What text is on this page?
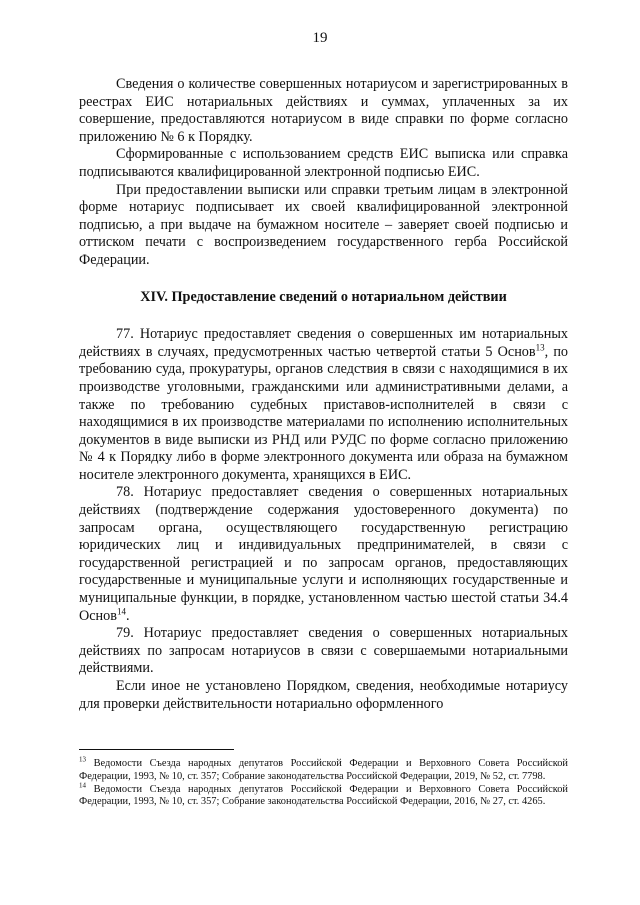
19

Сведения о количестве совершенных нотариусом и зарегистрированных в реестрах ЕИС нотариальных действиях и суммах, уплаченных за их совершение, предоставляются нотариусом в виде справки по форме согласно приложению № 6 к Порядку.

Сформированные с использованием средств ЕИС выписка или справка подписываются квалифицированной электронной подписью ЕИС.

При предоставлении выписки или справки третьим лицам в электронной форме нотариус подписывает их своей квалифицированной электронной подписью, а при выдаче на бумажном носителе – заверяет своей подписью и оттиском печати с воспроизведением государственного герба Российской Федерации.

XIV. Предоставление сведений о нотариальном действии

77. Нотариус предоставляет сведения о совершенных им нотариальных действиях в случаях, предусмотренных частью четвертой статьи 5 Основ$^{13}$, по требованию суда, прокуратуры, органов следствия в связи с находящимися в их производстве уголовными, гражданскими или административными делами, а также по требованию судебных приставов-исполнителей в связи с находящимися в их производстве материалами по исполнению исполнительных документов в виде выписки из РНД или РУДС по форме согласно приложению № 4 к Порядку либо в форме электронного документа или образа на бумажном носителе электронного документа, хранящихся в ЕИС.

78. Нотариус предоставляет сведения о совершенных нотариальных действиях (подтверждение содержания удостоверенного документа) по запросам органа, осуществляющего государственную регистрацию юридических лиц и индивидуальных предпринимателей, в связи с государственной регистрацией и по запросам органов, предоставляющих государственные и муниципальные услуги и исполняющих государственные и муниципальные функции, в порядке, установленном частью шестой статьи 34.4 Основ$^{14}$.

79. Нотариус предоставляет сведения о совершенных нотариальных действиях по запросам нотариусов в связи с совершаемыми нотариальными действиями.

Если иное не установлено Порядком, сведения, необходимые нотариусу для проверки действительности нотариально оформленного

$^{13}$ Ведомости Съезда народных депутатов Российской Федерации и Верховного Совета Российской Федерации, 1993, № 10, ст. 357; Собрание законодательства Российской Федерации, 2019, № 52, ст. 7798.

$^{14}$ Ведомости Съезда народных депутатов Российской Федерации и Верховного Совета Российской Федерации, 1993, № 10, ст. 357; Собрание законодательства Российской Федерации, 2016, № 27, ст. 4265.
